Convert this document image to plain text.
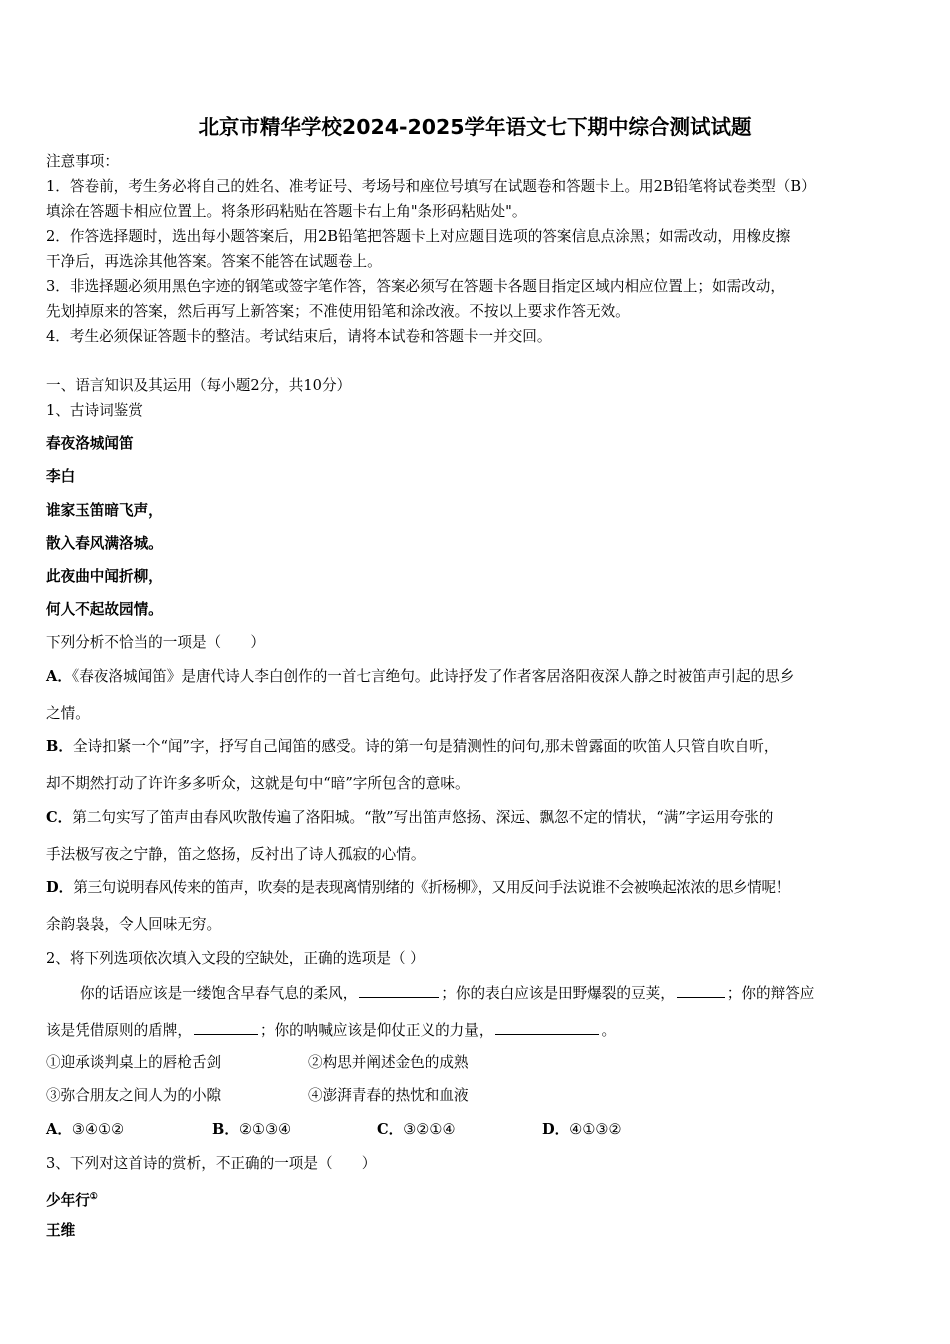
北京市精华学校2024-2025学年语文七下期中综合测试试题
注意事项：
1．答卷前，考生务必将自己的姓名、准考证号、考场号和座位号填写在试题卷和答题卡上。用2B铅笔将试卷类型（B）
填涂在答题卡相应位置上。将条形码粘贴在答题卡右上角"条形码粘贴处"。
2．作答选择题时，选出每小题答案后，用2B铅笔把答题卡上对应题目选项的答案信息点涂黑；如需改动，用橡皮擦
干净后，再选涂其他答案。答案不能答在试题卷上。
3．非选择题必须用黑色字迹的钢笔或签字笔作答，答案必须写在答题卡各题目指定区域内相应位置上；如需改动，
先划掉原来的答案，然后再写上新答案；不准使用铅笔和涂改液。不按以上要求作答无效。
4．考生必须保证答题卡的整洁。考试结束后，请将本试卷和答题卡一并交回。
一、语言知识及其运用（每小题2分，共10分）
1、古诗词鉴赏
春夜洛城闻笛
李白
谁家玉笛暗飞声，
散入春风满洛城。
此夜曲中闻折柳，
何人不起故园情。
下列分析不恰当的一项是（　　）
A．《春夜洛城闻笛》是唐代诗人李白创作的一首七言绝句。此诗抒发了作者客居洛阳夜深人静之时被笛声引起的思乡
之情。
B．全诗扣紧一个“闻”字，抒写自己闻笛的感受。诗的第一句是猜测性的问句,那未曾露面的吹笛人只管自吹自听，
却不期然打动了许许多多听众，这就是句中“暗”字所包含的意味。
C．第二句实写了笛声由春风吹散传遍了洛阳城。“散”写出笛声悠扬、深远、飘忽不定的情状，“满”字运用夸张的
手法极写夜之宁静，笛之悠扬，反衬出了诗人孤寂的心情。
D．第三句说明春风传来的笛声，吹奏的是表现离情别绪的《折杨柳》，又用反问手法说谁不会被唤起浓浓的思乡情呢！
余韵袅袅，令人回味无穷。
2、将下列选项依次填入文段的空缺处，正确的选项是（ ）
你的话语应该是一缕饱含早春气息的柔风，	；你的表白应该是田野爆裂的豆荚，	；你的辩答应
该是凭借原则的盾牌，	；你的呐喊应该是仰仗正义的力量，	。
①迎承谈判桌上的唇枪舌剑	②构思并阐述金色的成熟
③弥合朋友之间人为的小隙	④澎湃青春的热忱和血液
A．③④①②	B．②①③④	C．③②①④	D．④①③②
3、下列对这首诗的赏析，不正确的一项是（　　）
少年行①
王维
